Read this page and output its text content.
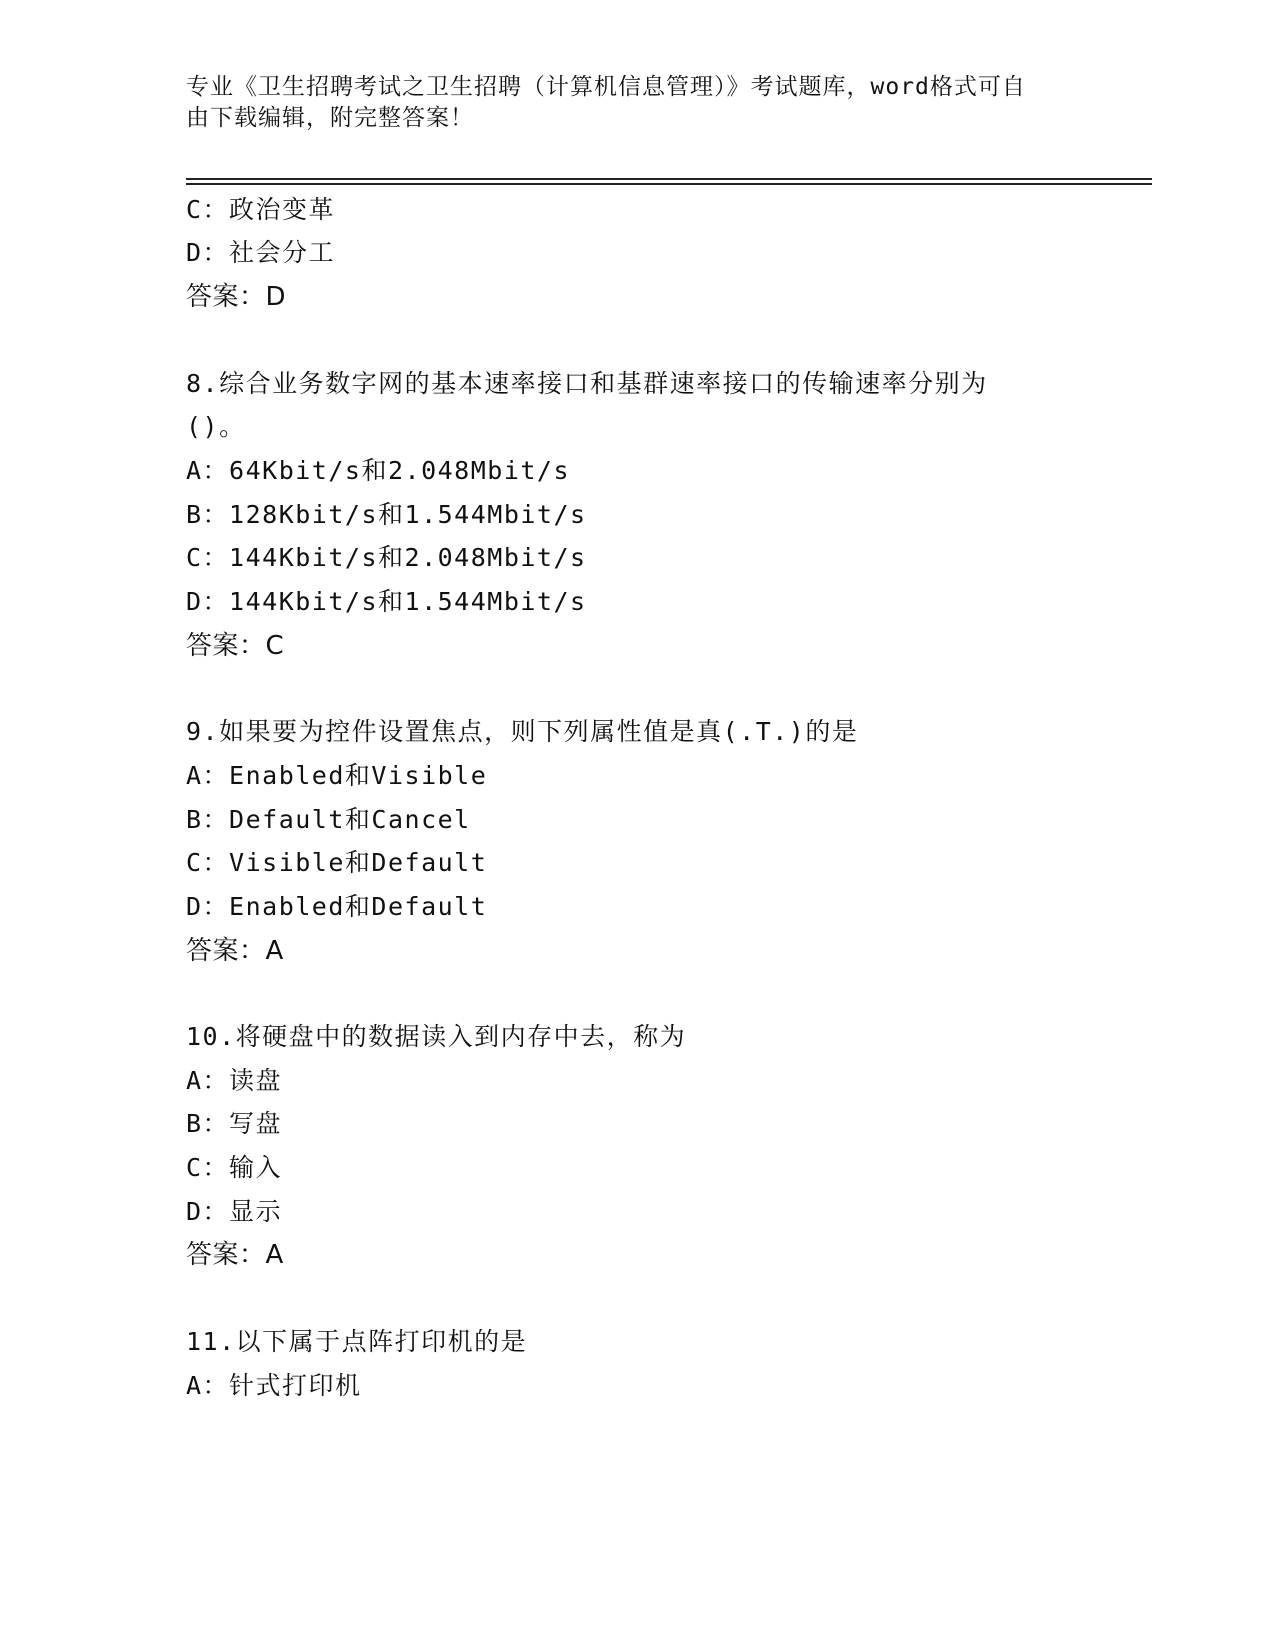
专业《卫生招聘考试之卫生招聘（计算机信息管理）》考试题库，word格式可自
由下载编辑，附完整答案！
C：政治变革
D：社会分工
答案：D
8.综合业务数字网的基本速率接口和基群速率接口的传输速率分别为
()。
A：64Kbit/s和2.048Mbit/s
B：128Kbit/s和1.544Mbit/s
C：144Kbit/s和2.048Mbit/s
D：144Kbit/s和1.544Mbit/s
答案：C
9.如果要为控件设置焦点，则下列属性值是真(.T.)的是
A：Enabled和Visible
B：Default和Cancel
C：Visible和Default
D：Enabled和Default
答案：A
10.将硬盘中的数据读入到内存中去，称为
A：读盘
B：写盘
C：输入
D：显示
答案：A
11.以下属于点阵打印机的是
A：针式打印机
